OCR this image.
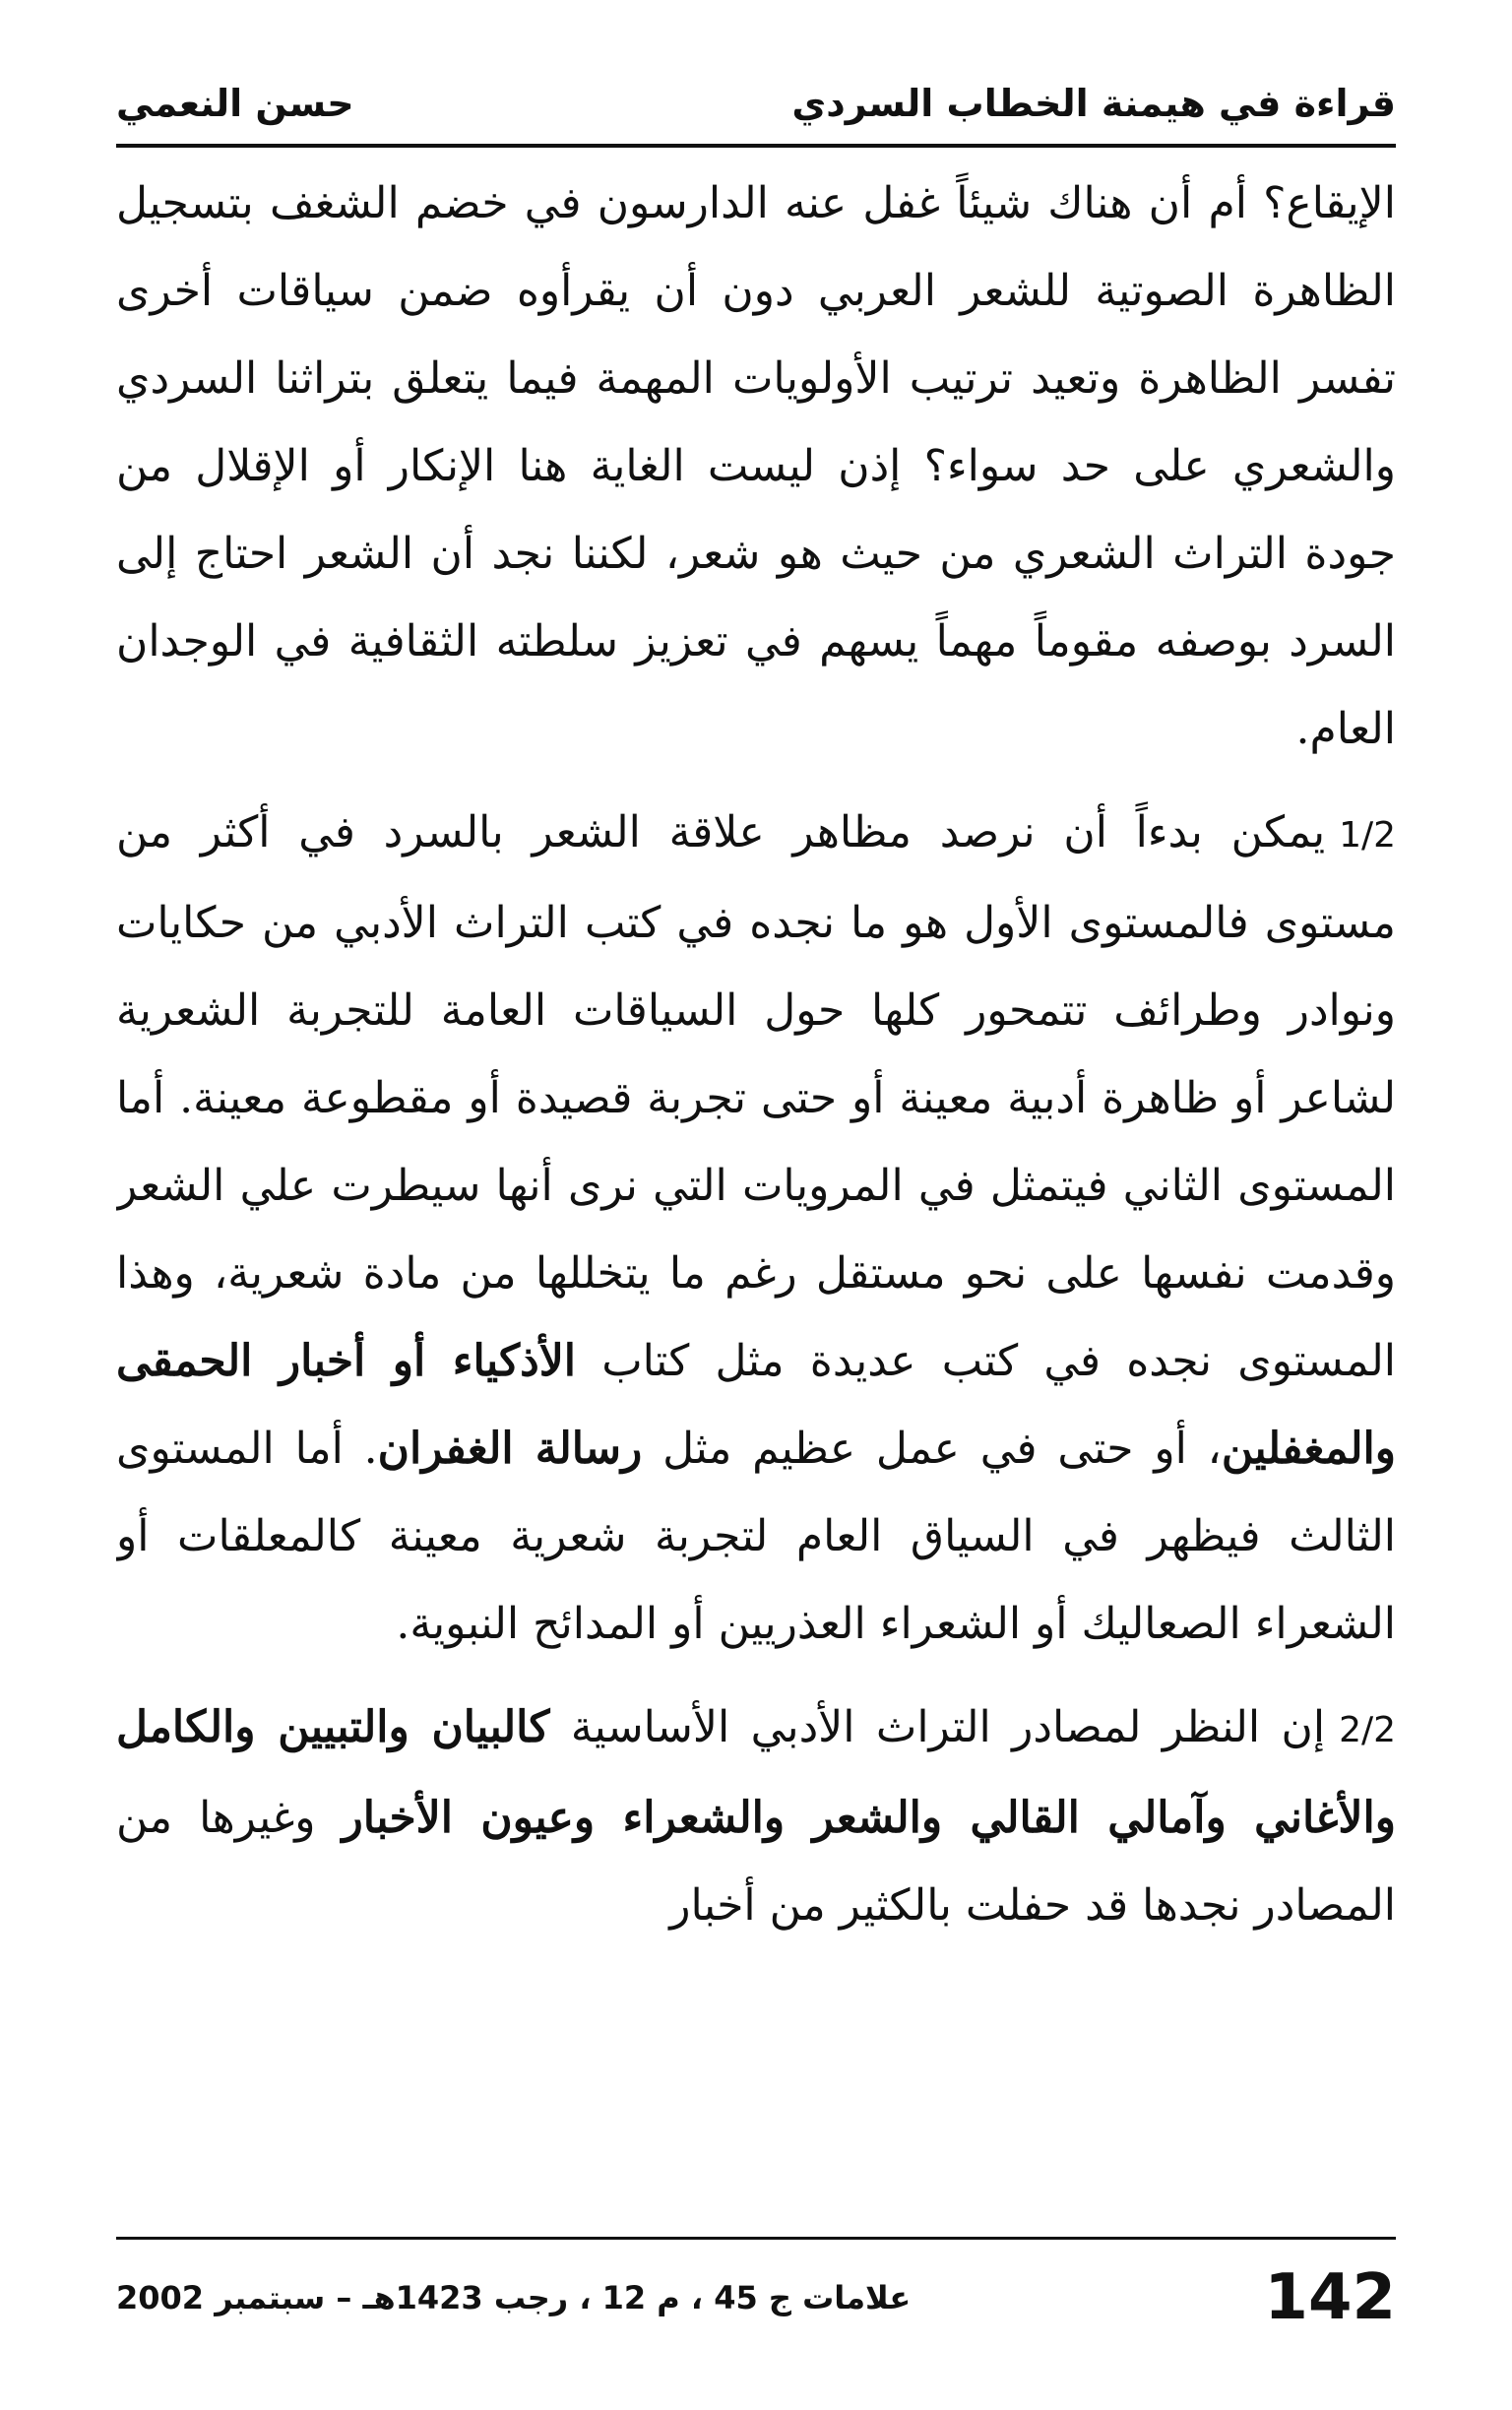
قراءة في هيمنة الخطاب السردي
حسن النعمي

الإيقاع؟ أم أن هناك شيئاً غفل عنه الدارسون في خضم الشغف بتسجيل الظاهرة الصوتية للشعر العربي دون أن يقرأوه ضمن سياقات أخرى تفسر الظاهرة وتعيد ترتيب الأولويات المهمة فيما يتعلق بتراثنا السردي والشعري على حد سواء؟ إذن ليست الغاية هنا الإنكار أو الإقلال من جودة التراث الشعري من حيث هو شعر، لكننا نجد أن الشعر احتاج إلى السرد بوصفه مقوماً مهماً يسهم في تعزيز سلطته الثقافية في الوجدان العام.

1/2يمكن بدءاً أن نرصد مظاهر علاقة الشعر بالسرد في أكثر من مستوى فالمستوى الأول هو ما نجده في كتب التراث الأدبي من حكايات ونوادر وطرائف تتمحور كلها حول السياقات العامة للتجربة الشعرية لشاعر أو ظاهرة أدبية معينة أو حتى تجربة قصيدة أو مقطوعة معينة. أما المستوى الثاني فيتمثل في المرويات التي نرى أنها سيطرت علي الشعر وقدمت نفسها على نحو مستقل رغم ما يتخللها من مادة شعرية، وهذا المستوى نجده في كتب عديدة مثل كتاب الأذكياء أو أخبار الحمقى والمغفلين، أو حتى في عمل عظيم مثل رسالة الغفران. أما المستوى الثالث فيظهر في السياق العام لتجربة شعرية معينة كالمعلقات أو الشعراء الصعاليك أو الشعراء العذريين أو المدائح النبوية.

2/2إن النظر لمصادر التراث الأدبي الأساسية كالبيان والتبيين والكامل والأغاني وآمالي القالي والشعر والشعراء وعيون الأخبار وغيرها من المصادر نجدها قد حفلت بالكثير من أخبار

142
علامات ج 45 ، م 12 ، رجب 1423هـ – سبتمبر 2002
